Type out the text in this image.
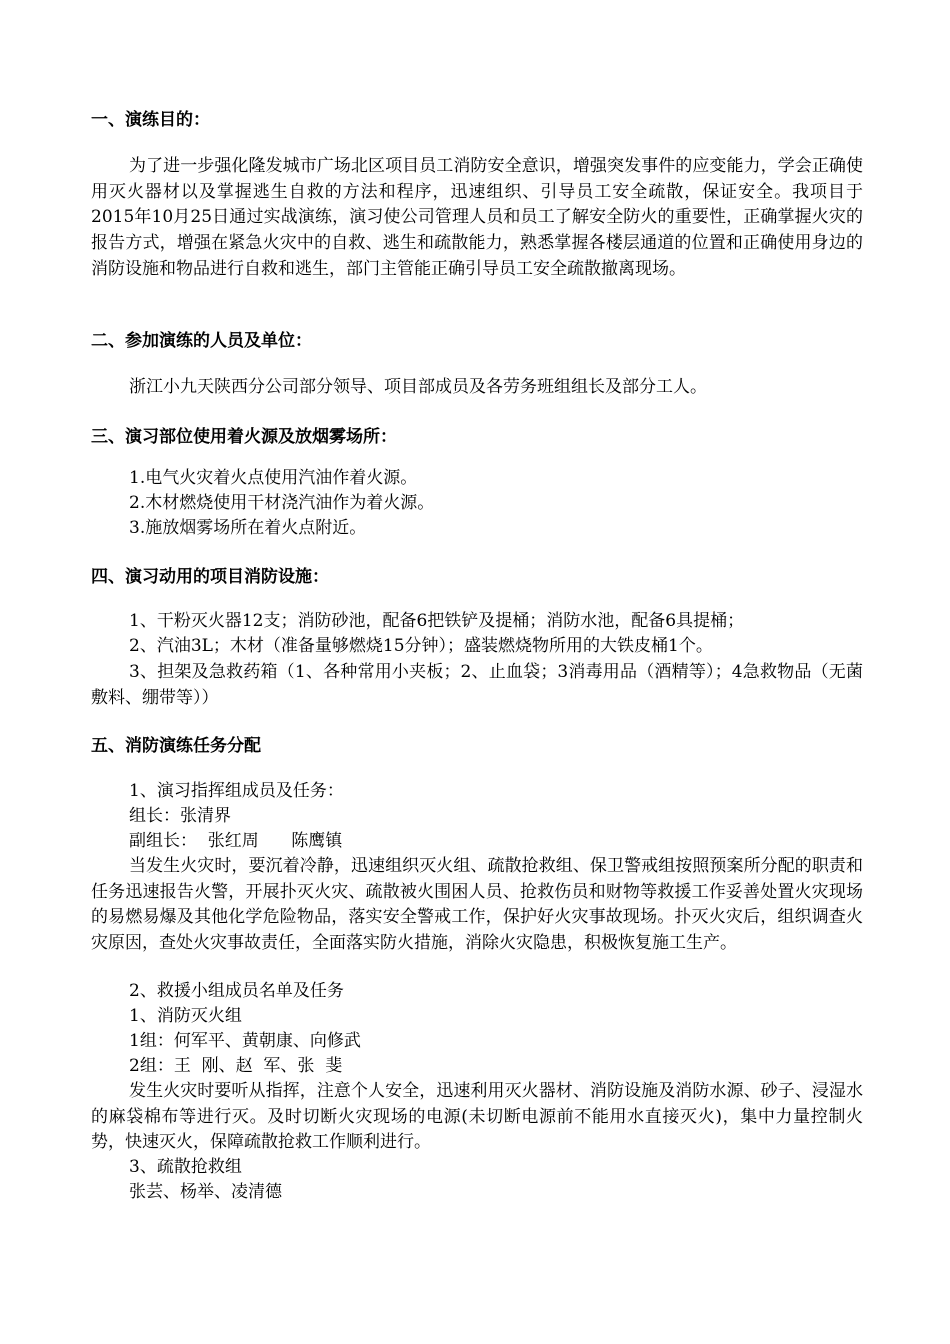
一、演练目的：

为了进一步强化隆发城市广场北区项目员工消防安全意识，增强突发事件的应变能力，学会正确使用灭火器材以及掌握逃生自救的方法和程序，迅速组织、引导员工安全疏散，保证安全。我项目于2015年10月25日通过实战演练，演习使公司管理人员和员工了解安全防火的重要性，正确掌握火灾的报告方式，增强在紧急火灾中的自救、逃生和疏散能力，熟悉掌握各楼层通道的位置和正确使用身边的消防设施和物品进行自救和逃生，部门主管能正确引导员工安全疏散撤离现场。

二、参加演练的人员及单位：

浙江小九天陕西分公司部分领导、项目部成员及各劳务班组组长及部分工人。

三、演习部位使用着火源及放烟雾场所：

1.电气火灾着火点使用汽油作着火源。

2.木材燃烧使用干材浇汽油作为着火源。

3.施放烟雾场所在着火点附近。

四、演习动用的项目消防设施：

1、干粉灭火器12支；消防砂池，配备6把铁铲及提桶；消防水池，配备6具提桶；

2、汽油3L；木材（准备量够燃烧15分钟）；盛装燃烧物所用的大铁皮桶1个。

3、担架及急救药箱（1、各种常用小夹板；2、止血袋；3消毒用品（酒精等）；4急救物品（无菌敷料、绷带等））

五、消防演练任务分配

1、演习指挥组成员及任务：

组长：张清界

副组长：  张红周      陈鹰镇

当发生火灾时，要沉着冷静，迅速组织灭火组、疏散抢救组、保卫警戒组按照预案所分配的职责和任务迅速报告火警，开展扑灭火灾、疏散被火围困人员、抢救伤员和财物等救援工作妥善处置火灾现场的易燃易爆及其他化学危险物品，落实安全警戒工作，保护好火灾事故现场。扑灭火灾后，组织调查火灾原因，查处火灾事故责任，全面落实防火措施，消除火灾隐患，积极恢复施工生产。

2、救援小组成员名单及任务

1、消防灭火组

1组：何军平、黄朝康、向修武

2组：王  刚、赵  军、张  斐

发生火灾时要听从指挥，注意个人安全，迅速利用灭火器材、消防设施及消防水源、砂子、浸湿水的麻袋棉布等进行灭。及时切断火灾现场的电源(未切断电源前不能用水直接灭火)，集中力量控制火势，快速灭火，保障疏散抢救工作顺利进行。

3、疏散抢救组

张芸、杨举、凌清德
